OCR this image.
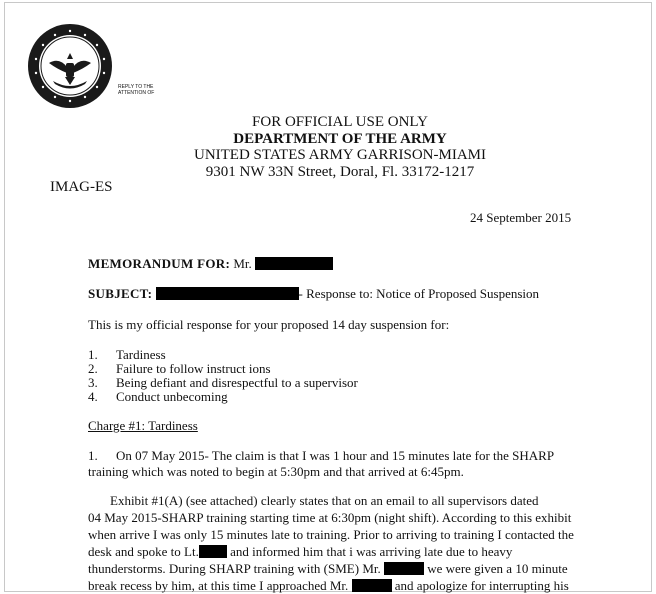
REPLY TO THE
ATTENTION OF
FOR OFFICIAL USE ONLY
DEPARTMENT OF THE ARMY
UNITED STATES ARMY GARRISON-MIAMI
9301 NW 33N Street, Doral, Fl. 33172-1217
IMAG-ES
24 September 2015
MEMORANDUM FOR: Mr.
SUBJECT:	- Response to: Notice of Proposed Suspension
This is my official response for your proposed 14 day suspension for:
1. Tardiness
2. Failure to follow instruct ions
3. Being defiant and disrespectful to a supervisor
4. Conduct unbecoming
Charge #1: Tardiness
1. On 07 May 2015- The claim is that I was 1 hour and 15 minutes late for the SHARP
training which was noted to begin at 5:30pm and that arrived at 6:45pm.
Exhibit #1(A) (see attached) clearly states that on an email to all supervisors dated
04 May 2015-SHARP training starting time at 6:30pm (night shift). According to this exhibit
when arrive I was only 15 minutes late to training. Prior to arriving to training I contacted the
desk and spoke to Lt. and informed him that i was arriving late due to heavy
thunderstorms. During SHARP training with (SME) Mr.	we were given a 10 minute
break recess by him, at this time I approached Mr.	and apologize for interrupting his
